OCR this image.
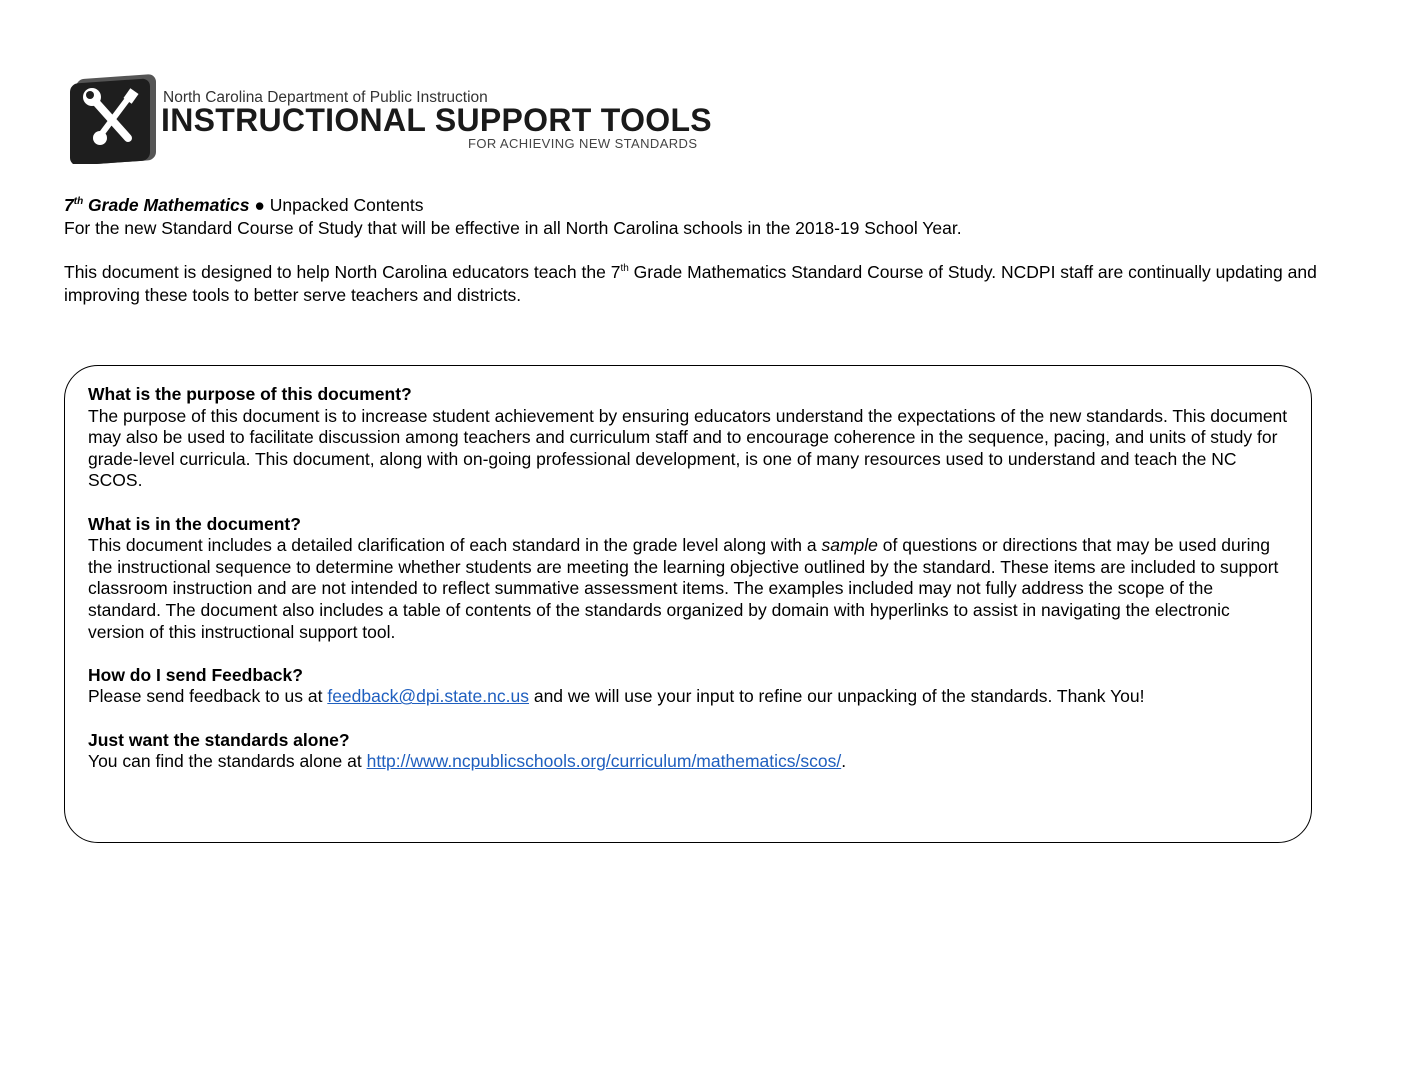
North Carolina Department of Public Instruction
INSTRUCTIONAL SUPPORT TOOLS
FOR ACHIEVING NEW STANDARDS

7th Grade Mathematics ● Unpacked Contents

For the new Standard Course of Study that will be effective in all North Carolina schools in the 2018-19 School Year.

This document is designed to help North Carolina educators teach the 7th Grade Mathematics Standard Course of Study. NCDPI staff are continually updating and improving these tools to better serve teachers and districts.

What is the purpose of this document?

The purpose of this document is to increase student achievement by ensuring educators understand the expectations of the new standards. This document may also be used to facilitate discussion among teachers and curriculum staff and to encourage coherence in the sequence, pacing, and units of study for grade-level curricula. This document, along with on-going professional development, is one of many resources used to understand and teach the NC SCOS.

What is in the document?

This document includes a detailed clarification of each standard in the grade level along with a sample of questions or directions that may be used during the instructional sequence to determine whether students are meeting the learning objective outlined by the standard. These items are included to support classroom instruction and are not intended to reflect summative assessment items. The examples included may not fully address the scope of the standard. The document also includes a table of contents of the standards organized by domain with hyperlinks to assist in navigating the electronic version of this instructional support tool.

How do I send Feedback?

Please send feedback to us at feedback@dpi.state.nc.us and we will use your input to refine our unpacking of the standards. Thank You!

Just want the standards alone?

You can find the standards alone at http://www.ncpublicschools.org/curriculum/mathematics/scos/.
